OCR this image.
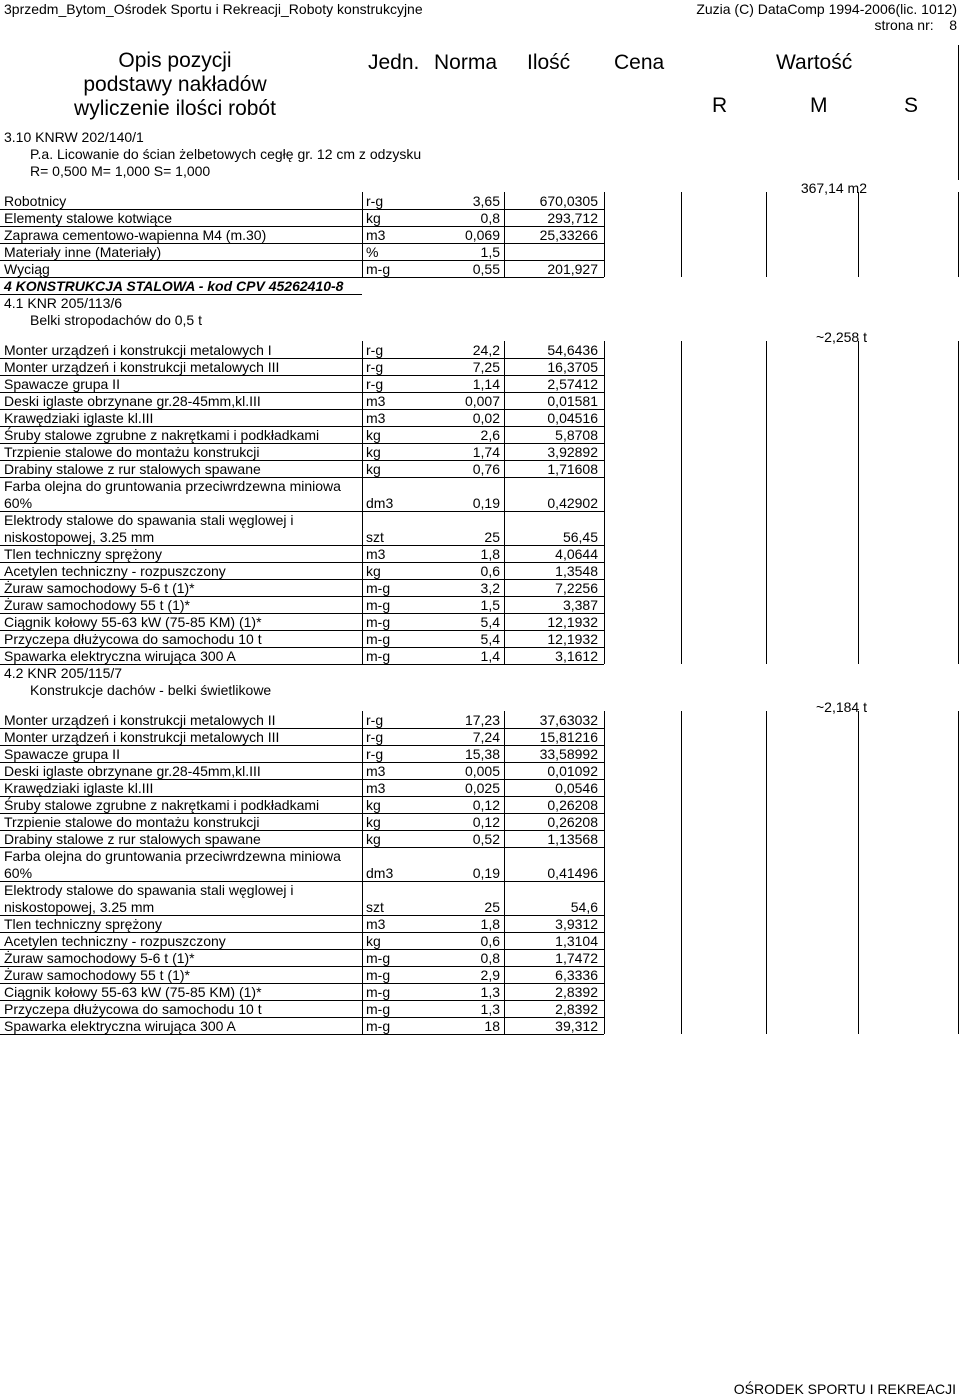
3przedm_Bytom_Ośrodek Sportu i Rekreacji_Roboty konstrukcyjne	Zuzia (C) DataComp 1994-2006(lic. 1012)
strona nr: 8
Opis pozycji
podstawy nakładów
wyliczenie ilości robót
Jedn. Norma Ilość Cena	Wartość
R	M	S
3.10 KNRW 202/140/1
P.a. Licowanie do ścian żelbetowych cegłę gr. 12 cm z odzysku
R= 0,500 M= 1,000 S= 1,000
367,14 m2
Robotnicy	r-g	3,65	670,0305
Elementy stalowe kotwiące	kg	0,8	293,712
Zaprawa cementowo-wapienna M4 (m.30)	m3	0,069	25,33266
Materiały inne (Materiały)	%	1,5
Wyciąg	m-g	0,55	201,927
4 KONSTRUKCJA STALOWA - kod CPV 45262410-8
4.1 KNR 205/113/6
Belki stropodachów do 0,5 t
~2,258 t
Monter urządzeń i konstrukcji metalowych I	r-g	24,2	54,6436
Monter urządzeń i konstrukcji metalowych III	r-g	7,25	16,3705
Spawacze grupa II	r-g	1,14	2,57412
Deski iglaste obrzynane gr.28-45mm,kl.III	m3	0,007	0,01581
Krawędziaki iglaste kl.III	m3	0,02	0,04516
Śruby stalowe zgrubne z nakrętkami i podkładkami	kg	2,6	5,8708
Trzpienie stalowe do montażu konstrukcji	kg	1,74	3,92892
Drabiny stalowe z rur stalowych spawane	kg	0,76	1,71608
Farba olejna do gruntowania przeciwrdzewna miniowa
60%	dm3	0,19	0,42902
Elektrody stalowe do spawania stali węglowej i
niskostopowej, 3.25 mm	szt	25	56,45
Tlen techniczny sprężony	m3	1,8	4,0644
Acetylen techniczny - rozpuszczony	kg	0,6	1,3548
Żuraw samochodowy 5-6 t (1)*	m-g	3,2	7,2256
Żuraw samochodowy 55 t (1)*	m-g	1,5	3,387
Ciągnik kołowy 55-63 kW (75-85 KM) (1)*	m-g	5,4	12,1932
Przyczepa dłużycowa do samochodu 10 t	m-g	5,4	12,1932
Spawarka elektryczna wirująca 300 A	m-g	1,4	3,1612
4.2 KNR 205/115/7
Konstrukcje dachów - belki świetlikowe
~2,184 t
Monter urządzeń i konstrukcji metalowych II	r-g	17,23	37,63032
Monter urządzeń i konstrukcji metalowych III	r-g	7,24	15,81216
Spawacze grupa II	r-g	15,38	33,58992
Deski iglaste obrzynane gr.28-45mm,kl.III	m3	0,005	0,01092
Krawędziaki iglaste kl.III	m3	0,025	0,0546
Śruby stalowe zgrubne z nakrętkami i podkładkami	kg	0,12	0,26208
Trzpienie stalowe do montażu konstrukcji	kg	0,12	0,26208
Drabiny stalowe z rur stalowych spawane	kg	0,52	1,13568
Farba olejna do gruntowania przeciwrdzewna miniowa
60%	dm3	0,19	0,41496
Elektrody stalowe do spawania stali węglowej i
niskostopowej, 3.25 mm	szt	25	54,6
Tlen techniczny sprężony	m3	1,8	3,9312
Acetylen techniczny - rozpuszczony	kg	0,6	1,3104
Żuraw samochodowy 5-6 t (1)*	m-g	0,8	1,7472
Żuraw samochodowy 55 t (1)*	m-g	2,9	6,3336
Ciągnik kołowy 55-63 kW (75-85 KM) (1)*	m-g	1,3	2,8392
Przyczepa dłużycowa do samochodu 10 t	m-g	1,3	2,8392
Spawarka elektryczna wirująca 300 A	m-g	18	39,312
OŚRODEK SPORTU I REKREACJI
